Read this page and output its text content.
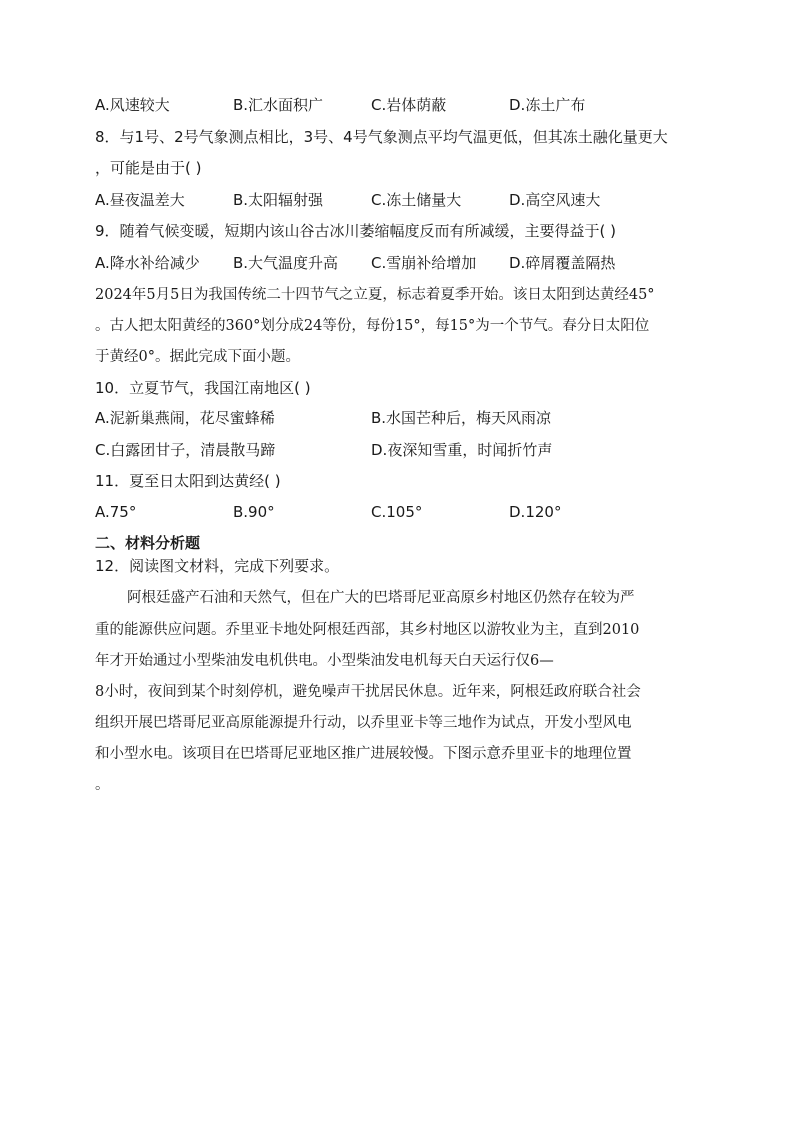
A.风速较大	B.汇水面积广	C.岩体荫蔽	D.冻土广布
8．与1号、2号气象测点相比，3号、4号气象测点平均气温更低，但其冻土融化量更大
，可能是由于( )
A.昼夜温差大	B.太阳辐射强	C.冻土储量大	D.高空风速大
9．随着气候变暖，短期内该山谷古冰川萎缩幅度反而有所减缓，主要得益于( )
A.降水补给减少 B.大气温度升高 C.雪崩补给增加 D.碎屑覆盖隔热
2024年5月5日为我国传统二十四节气之立夏，标志着夏季开始。该日太阳到达黄经45°
。古人把太阳黄经的360°划分成24等份，每份15°，每15°为一个节气。春分日太阳位
于黄经0°。据此完成下面小题。
10．立夏节气，我国江南地区( )
A.泥新巢燕闹，花尽蜜蜂稀	B.水国芒种后，梅天风雨凉
C.白露团甘子，清晨散马蹄	D.夜深知雪重，时闻折竹声
11．夏至日太阳到达黄经( )
A.75°	B.90°	C.105°	D.120°
二、材料分析题
12．阅读图文材料，完成下列要求。
阿根廷盛产石油和天然气，但在广大的巴塔哥尼亚高原乡村地区仍然存在较为严
重的能源供应问题。乔里亚卡地处阿根廷西部，其乡村地区以游牧业为主，直到2010
年才开始通过小型柴油发电机供电。小型柴油发电机每天白天运行仅6—
8小时，夜间到某个时刻停机，避免噪声干扰居民休息。近年来，阿根廷政府联合社会
组织开展巴塔哥尼亚高原能源提升行动，以乔里亚卡等三地作为试点，开发小型风电
和小型水电。该项目在巴塔哥尼亚地区推广进展较慢。下图示意乔里亚卡的地理位置
。
